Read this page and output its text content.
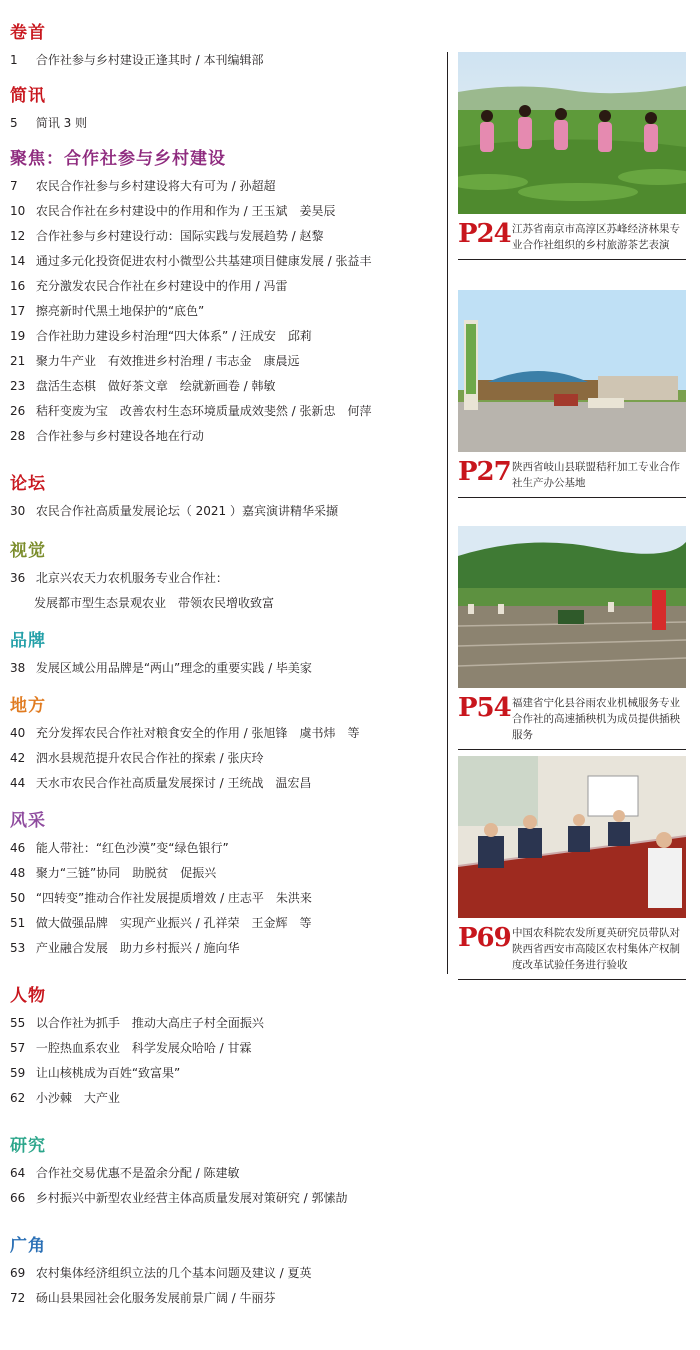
卷首
1 合作社参与乡村建设正逢其时 / 本刊编辑部
简讯
5 简讯 3 则
聚焦：合作社参与乡村建设
7 农民合作社参与乡村建设将大有可为 / 孙超超
10 农民合作社在乡村建设中的作用和作为 / 王玉斌　姜昊辰
12 合作社参与乡村建设行动：国际实践与发展趋势 / 赵黎
14 通过多元化投资促进农村小微型公共基建项目健康发展 / 张益丰
16 充分激发农民合作社在乡村建设中的作用 / 冯雷
17 擦亮新时代黑土地保护的“底色”
19 合作社助力建设乡村治理“四大体系” / 汪成安　邱莉
21 聚力牛产业　有效推进乡村治理 / 韦志金　康晨远
23 盘活生态棋　做好茶文章　绘就新画卷 / 韩敏
26 秸秆变废为宝　改善农村生态环境质量成效斐然 / 张新忠　何萍
28 合作社参与乡村建设各地在行动
论坛
30 农民合作社高质量发展论坛（ 2021 ）嘉宾演讲精华采撷
视觉
36 北京兴农天力农机服务专业合作社：
发展都市型生态景观农业　带领农民增收致富
品牌
38 发展区域公用品牌是“两山”理念的重要实践 / 毕美家
地方
40 充分发挥农民合作社对粮食安全的作用 / 张旭锋　虞书炜　等
42 泗水县规范提升农民合作社的探索 / 张庆玲
44 天水市农民合作社高质量发展探讨 / 王统战　温宏昌
风采
46 能人带社：“红色沙漠”变“绿色银行”
48 聚力“三链”协同　助脱贫　促振兴
50 “四转变”推动合作社发展提质增效 / 庄志平　朱洪来
51 做大做强品牌　实现产业振兴 / 孔祥荣　王金辉　等
53 产业融合发展　助力乡村振兴 / 施向华
人物
55 以合作社为抓手　推动大高庄子村全面振兴
57 一腔热血系农业　科学发展众哈哈 / 甘霖
59 让山核桃成为百姓“致富果”
62 小沙棘　大产业
研究
64 合作社交易优惠不是盈余分配 / 陈建敏
66 乡村振兴中新型农业经营主体高质量发展对策研究 / 郭愫劼
广角
69 农村集体经济组织立法的几个基本问题及建议 / 夏英
72 砀山县果园社会化服务发展前景广阔 / 牛丽芬
P24 江苏省南京市高淳区苏峰经济林果专业合作社组织的乡村旅游茶艺表演
P27 陕西省岐山县联盟秸秆加工专业合作社生产办公基地
P54 福建省宁化县谷雨农业机械服务专业合作社的高速插秧机为成员提供插秧服务
P69 中国农科院农发所夏英研究员带队对陕西省西安市高陵区农村集体产权制度改革试验任务进行验收
